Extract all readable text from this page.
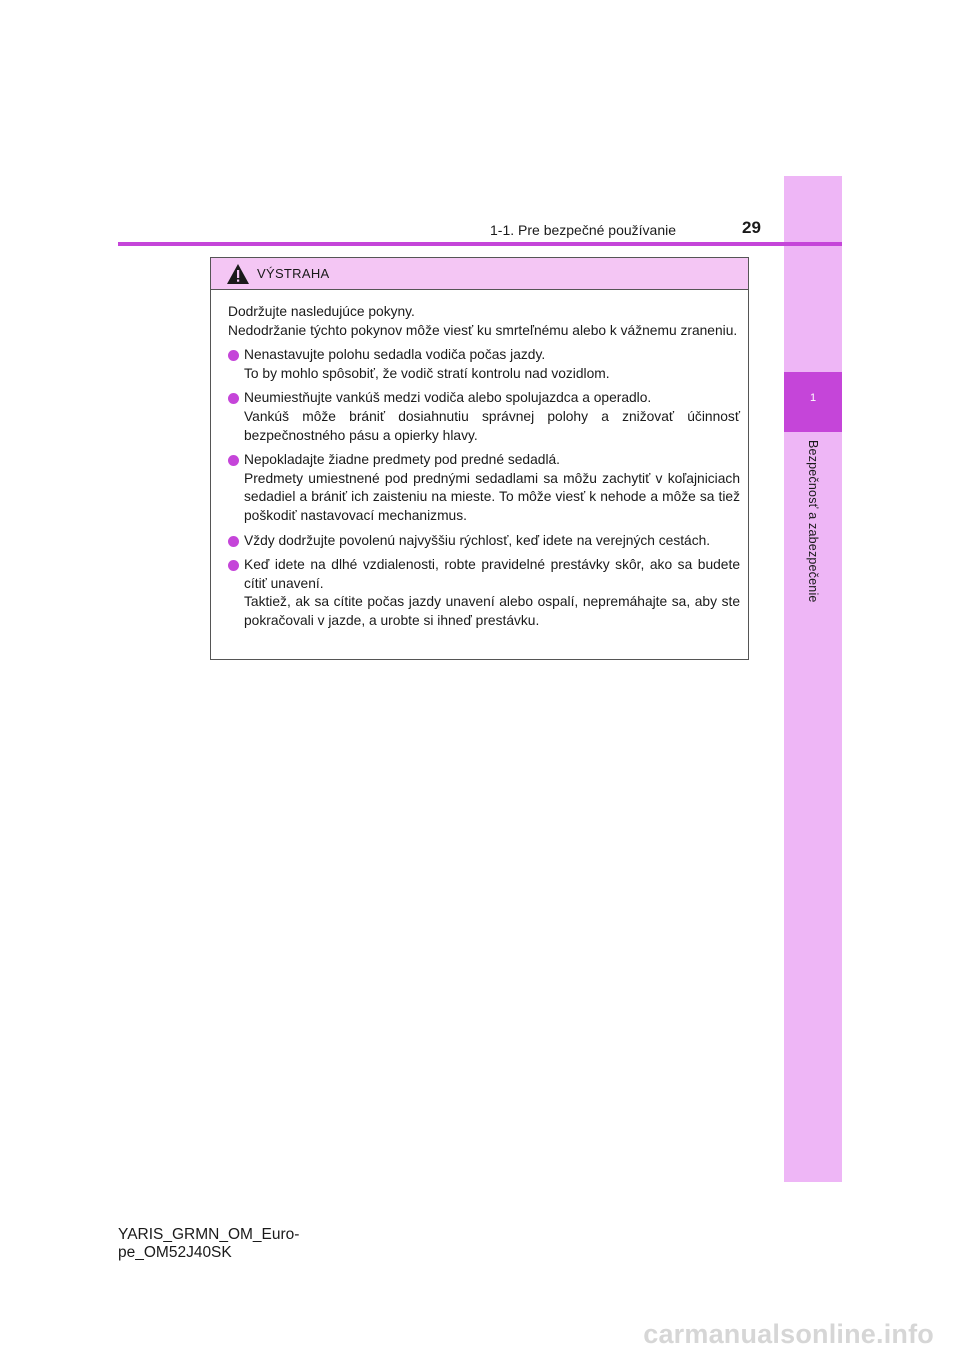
1
Bezpečnosť a zabezpečenie
1-1. Pre bezpečné používanie	29
VÝSTRAHA

Dodržujte nasledujúce pokyny.

Nedodržanie týchto pokynov môže viesť ku smrteľnému alebo k vážnemu zraneniu.

Nenastavujte polohu sedadla vodiča počas jazdy.
To by mohlo spôsobiť, že vodič stratí kontrolu nad vozidlom.
Neumiestňujte vankúš medzi vodiča alebo spolujazdca a operadlo.
Vankúš môže brániť dosiahnutiu správnej polohy a znižovať účinnosť bezpečnostného pásu a opierky hlavy.
Nepokladajte žiadne predmety pod predné sedadlá.
Predmety umiestnené pod prednými sedadlami sa môžu zachytiť v koľajniciach sedadiel a brániť ich zaisteniu na mieste. To môže viesť k nehode a môže sa tiež poškodiť nastavovací mechanizmus.
Vždy dodržujte povolenú najvyššiu rýchlosť, keď idete na verejných cestách.
Keď idete na dlhé vzdialenosti, robte pravidelné prestávky skôr, ako sa budete cítiť unavení.
Taktiež, ak sa cítite počas jazdy unavení alebo ospalí, nepremáhajte sa, aby ste pokračovali v jazde, a urobte si ihneď prestávku.
YARIS_GRMN_OM_Euro-
pe_OM52J40SK
carmanualsonline.info
